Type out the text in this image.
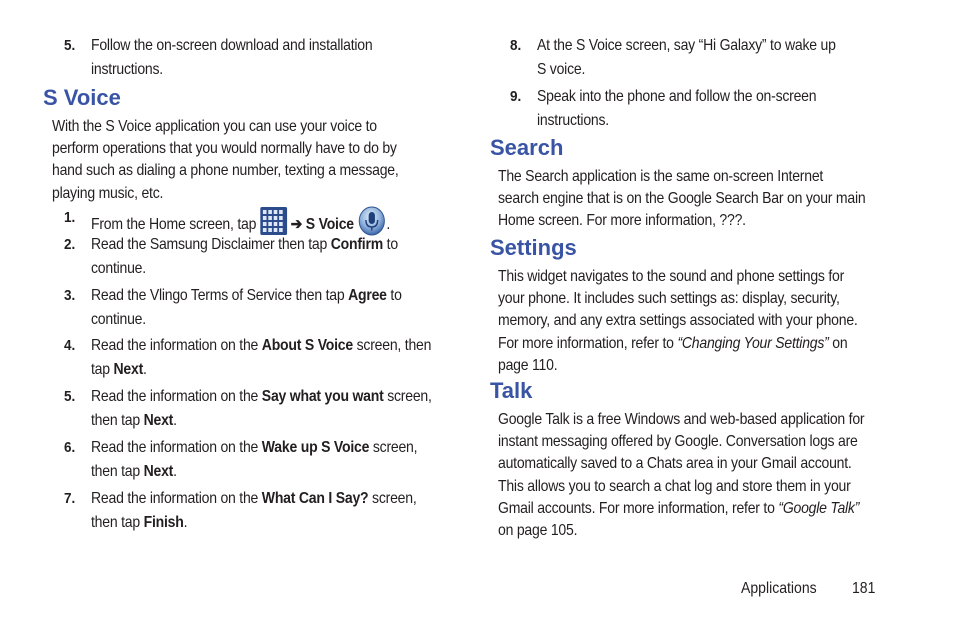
5. Follow the on-screen download and installation
instructions.
S Voice
With the S Voice application you can use your voice to
perform operations that you would normally have to do by
hand such as dialing a phone number, texting a message,
playing music, etc.
1. From the Home screen, tap ➔ S Voice .
2. Read the Samsung Disclaimer then tap Confirm to
continue.
3. Read the Vlingo Terms of Service then tap Agree to
continue.
4. Read the information on the About S Voice screen, then
tap Next.
5. Read the information on the Say what you want screen,
then tap Next.
6. Read the information on the Wake up S Voice screen,
then tap Next.
7. Read the information on the What Can I Say? screen,
then tap Finish.
8. At the S Voice screen, say “Hi Galaxy” to wake up
S voice.
9. Speak into the phone and follow the on-screen
instructions.
Search
The Search application is the same on-screen Internet
search engine that is on the Google Search Bar on your main
Home screen. For more information, ???.
Settings
This widget navigates to the sound and phone settings for
your phone. It includes such settings as: display, security,
memory, and any extra settings associated with your phone.
For more information, refer to “Changing Your Settings” on
page 110.
Talk
Google Talk is a free Windows and web-based application for
instant messaging offered by Google. Conversation logs are
automatically saved to a Chats area in your Gmail account.
This allows you to search a chat log and store them in your
Gmail accounts. For more information, refer to “Google Talk”
on page 105.
Applications 181
